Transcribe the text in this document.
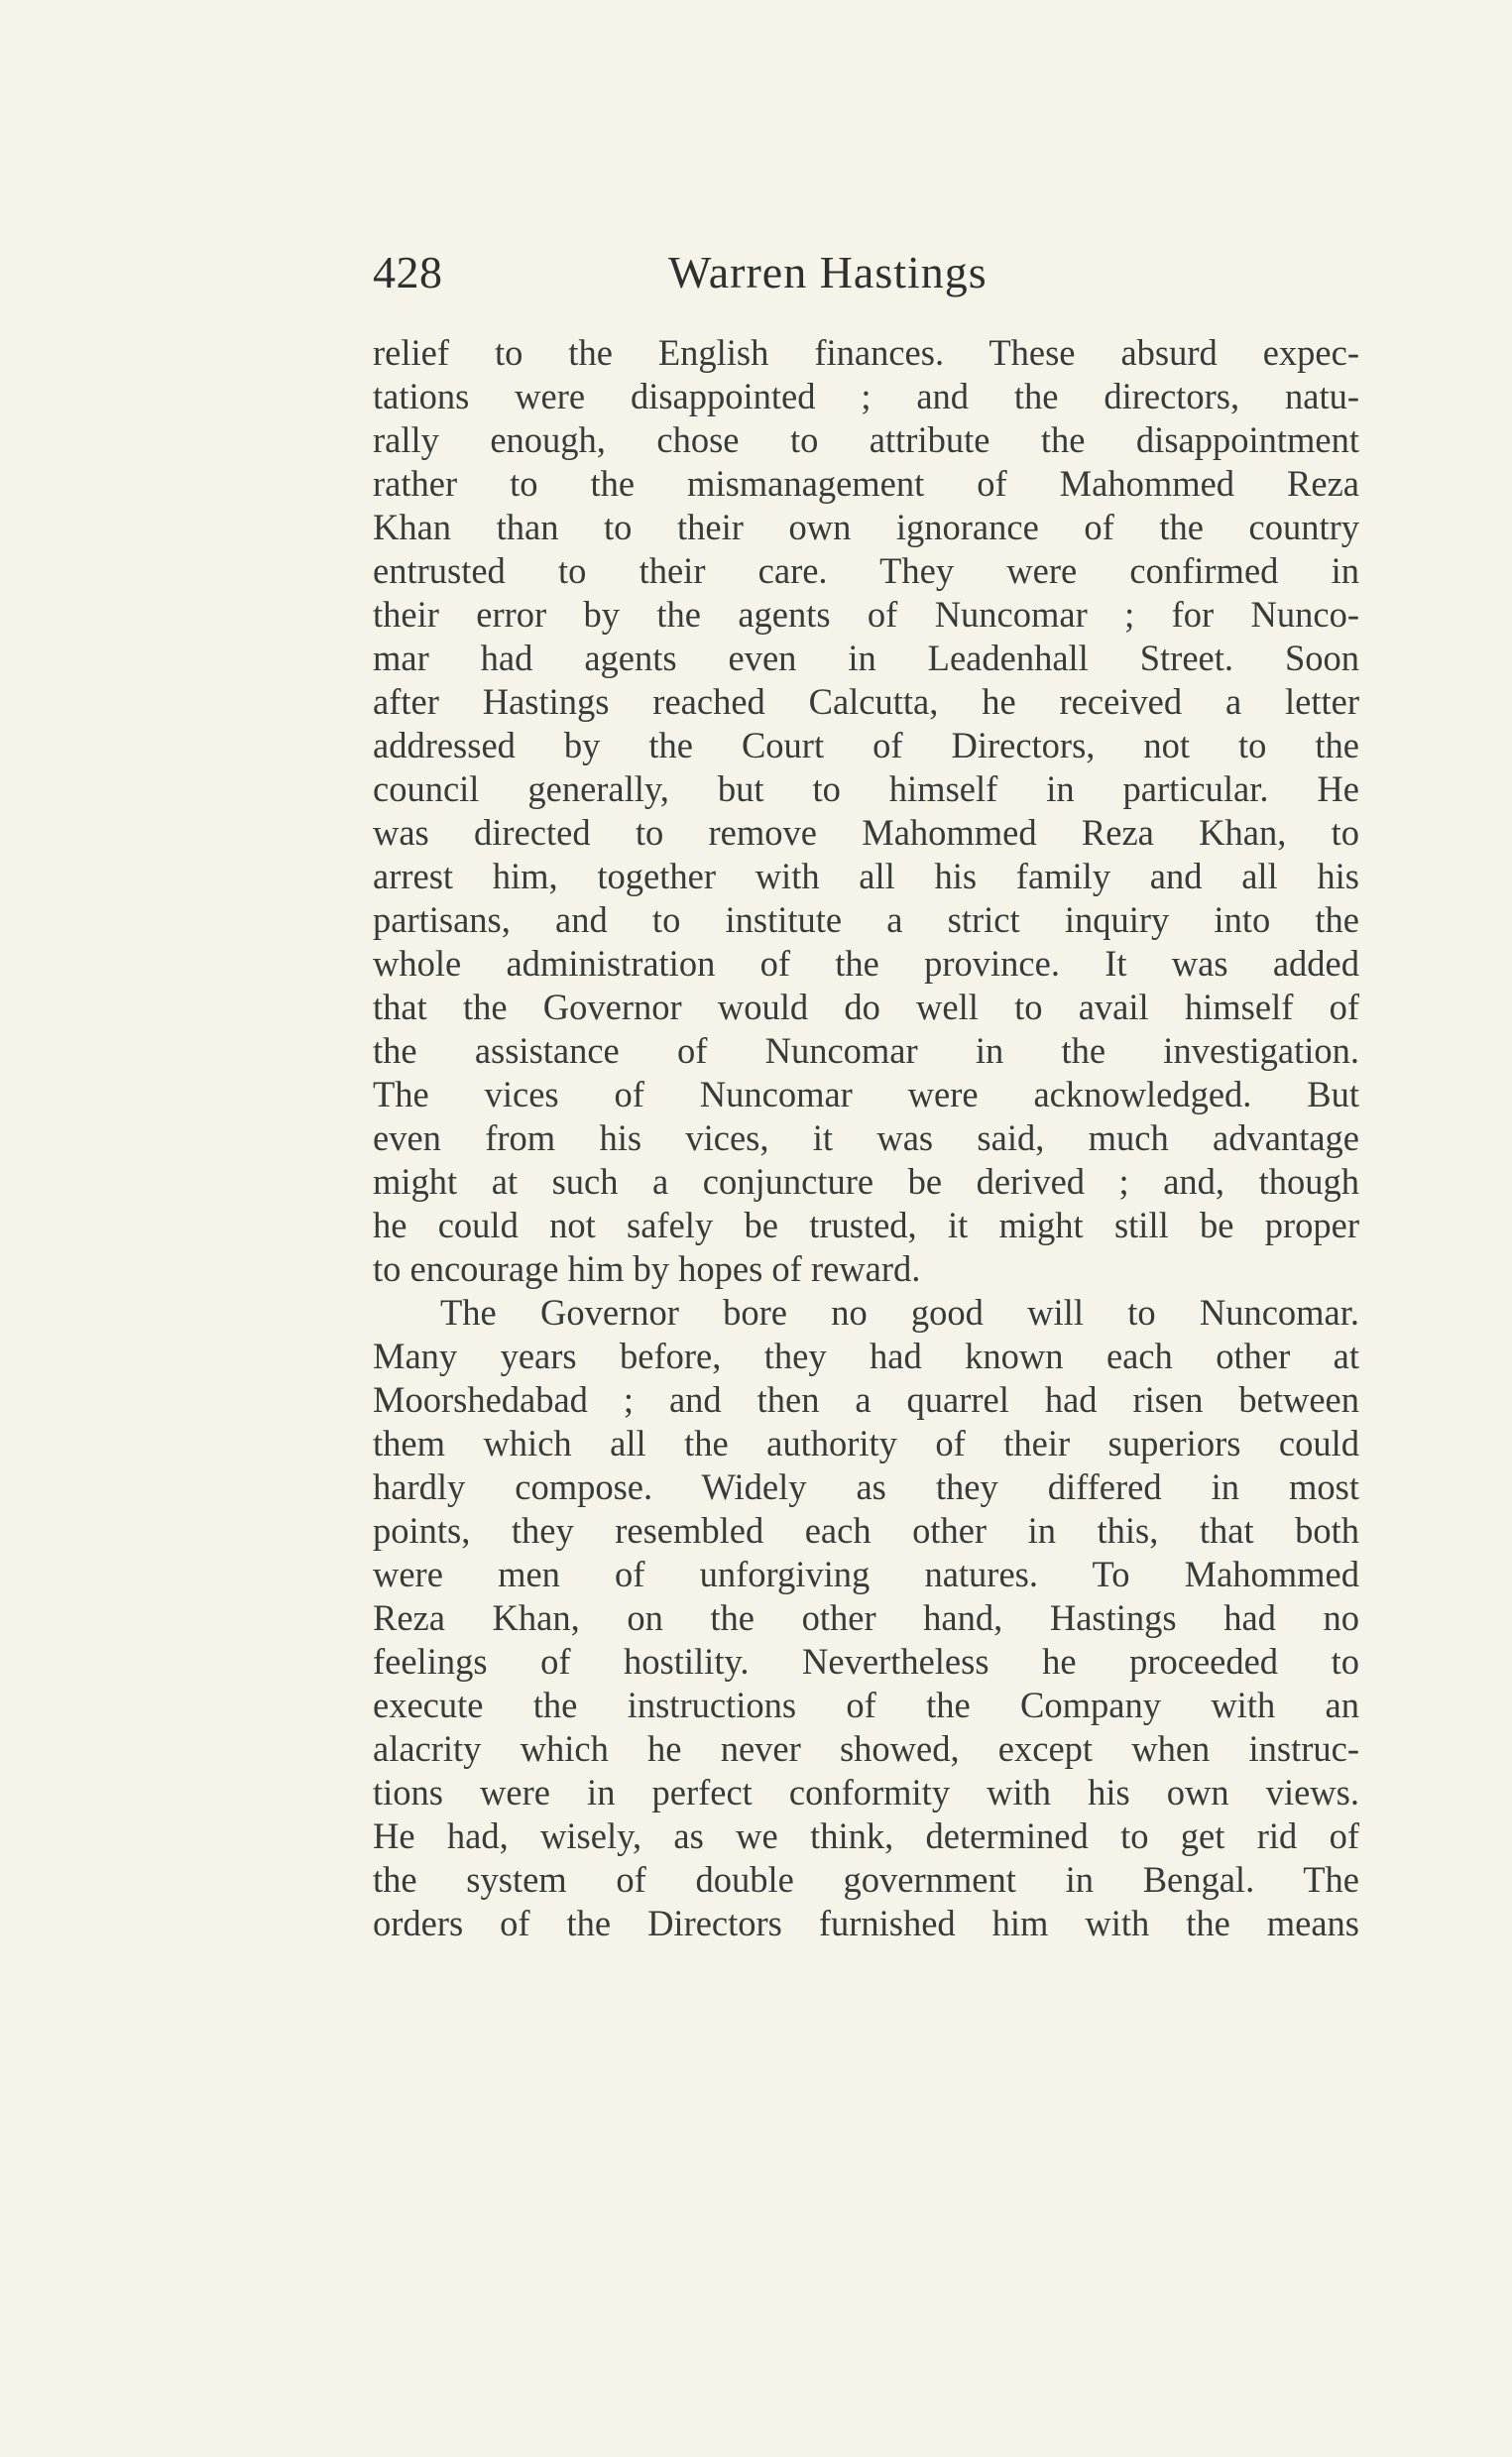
428	Warren Hastings
relief to the English finances. These absurd expec-
tations were disappointed ; and the directors, natu-
rally enough, chose to attribute the disappointment
rather to the mismanagement of Mahommed Reza
Khan than to their own ignorance of the country
entrusted to their care. They were confirmed in
their error by the agents of Nuncomar ; for Nunco-
mar had agents even in Leadenhall Street. Soon
after Hastings reached Calcutta, he received a letter
addressed by the Court of Directors, not to the
council generally, but to himself in particular. He
was directed to remove Mahommed Reza Khan, to
arrest him, together with all his family and all his
partisans, and to institute a strict inquiry into the
whole administration of the province. It was added
that the Governor would do well to avail himself of
the assistance of Nuncomar in the investigation.
The vices of Nuncomar were acknowledged. But
even from his vices, it was said, much advantage
might at such a conjuncture be derived ; and, though
he could not safely be trusted, it might still be proper
to encourage him by hopes of reward.
The Governor bore no good will to Nuncomar.
Many years before, they had known each other at
Moorshedabad ; and then a quarrel had risen between
them which all the authority of their superiors could
hardly compose. Widely as they differed in most
points, they resembled each other in this, that both
were men of unforgiving natures. To Mahommed
Reza Khan, on the other hand, Hastings had no
feelings of hostility. Nevertheless he proceeded to
execute the instructions of the Company with an
alacrity which he never showed, except when instruc-
tions were in perfect conformity with his own views.
He had, wisely, as we think, determined to get rid of
the system of double government in Bengal. The
orders of the Directors furnished him with the means
